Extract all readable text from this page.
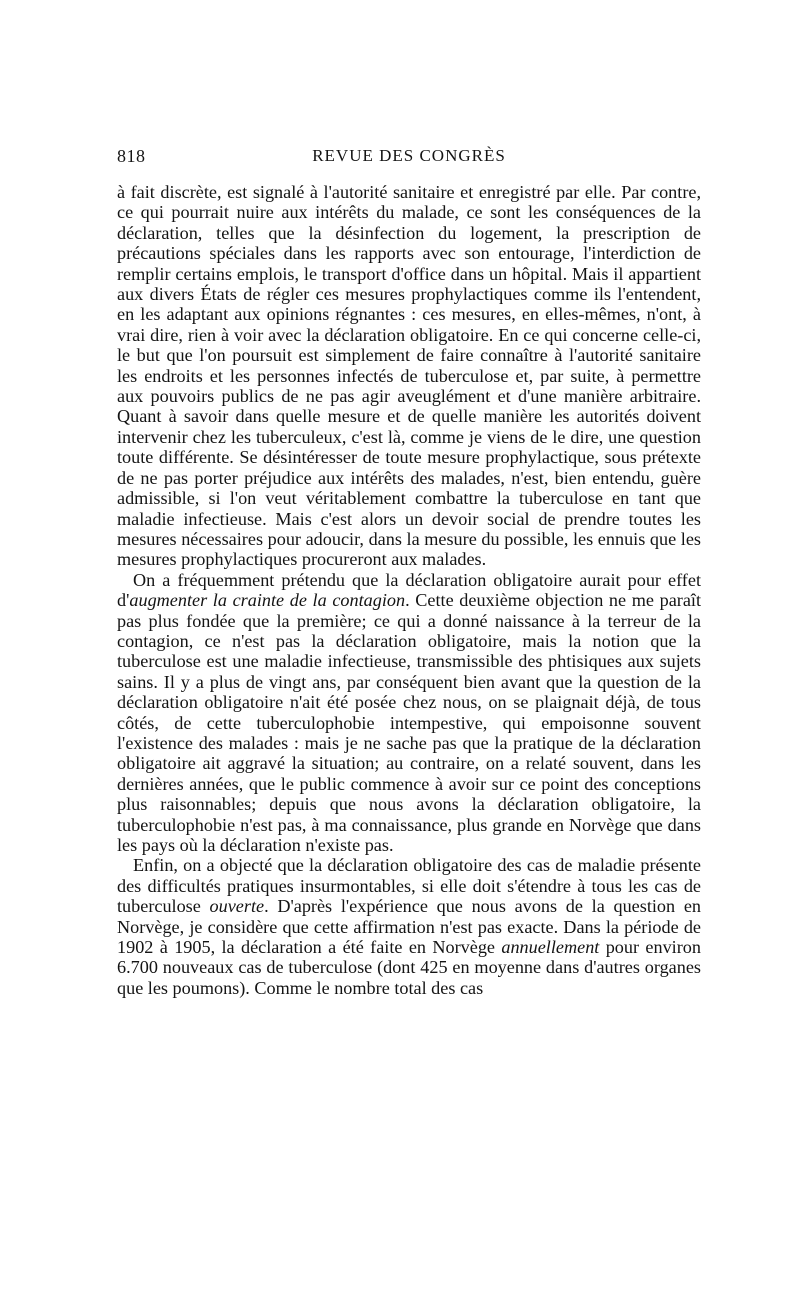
818	REVUE DES CONGRÈS

à fait discrète, est signalé à l'autorité sanitaire et enregistré par elle. Par contre, ce qui pourrait nuire aux intérêts du malade, ce sont les conséquences de la déclaration, telles que la désinfection du logement, la prescription de précautions spéciales dans les rapports avec son entourage, l'interdiction de remplir certains emplois, le transport d'office dans un hôpital. Mais il appartient aux divers États de régler ces mesures prophylactiques comme ils l'entendent, en les adaptant aux opinions régnantes : ces mesures, en elles-mêmes, n'ont, à vrai dire, rien à voir avec la déclaration obligatoire. En ce qui concerne celle-ci, le but que l'on poursuit est simplement de faire connaître à l'autorité sanitaire les endroits et les personnes infectés de tuberculose et, par suite, à permettre aux pouvoirs publics de ne pas agir aveuglément et d'une manière arbitraire. Quant à savoir dans quelle mesure et de quelle manière les autorités doivent intervenir chez les tuberculeux, c'est là, comme je viens de le dire, une question toute différente. Se désintéresser de toute mesure prophylactique, sous prétexte de ne pas porter préjudice aux intérêts des malades, n'est, bien entendu, guère admissible, si l'on veut véritablement combattre la tuberculose en tant que maladie infectieuse. Mais c'est alors un devoir social de prendre toutes les mesures nécessaires pour adoucir, dans la mesure du possible, les ennuis que les mesures prophylactiques procureront aux malades.

On a fréquemment prétendu que la déclaration obligatoire aurait pour effet d'augmenter la crainte de la contagion. Cette deuxième objection ne me paraît pas plus fondée que la première; ce qui a donné naissance à la terreur de la contagion, ce n'est pas la déclaration obligatoire, mais la notion que la tuberculose est une maladie infectieuse, transmissible des phtisiques aux sujets sains. Il y a plus de vingt ans, par conséquent bien avant que la question de la déclaration obligatoire n'ait été posée chez nous, on se plaignait déjà, de tous côtés, de cette tuberculophobie intempestive, qui empoisonne souvent l'existence des malades : mais je ne sache pas que la pratique de la déclaration obligatoire ait aggravé la situation; au contraire, on a relaté souvent, dans les dernières années, que le public commence à avoir sur ce point des conceptions plus raisonnables; depuis que nous avons la déclaration obligatoire, la tuberculophobie n'est pas, à ma connaissance, plus grande en Norvège que dans les pays où la déclaration n'existe pas.

Enfin, on a objecté que la déclaration obligatoire des cas de maladie présente des difficultés pratiques insurmontables, si elle doit s'étendre à tous les cas de tuberculose ouverte. D'après l'expérience que nous avons de la question en Norvège, je considère que cette affirmation n'est pas exacte. Dans la période de 1902 à 1905, la déclaration a été faite en Norvège annuellement pour environ 6.700 nouveaux cas de tuberculose (dont 425 en moyenne dans d'autres organes que les poumons). Comme le nombre total des cas
